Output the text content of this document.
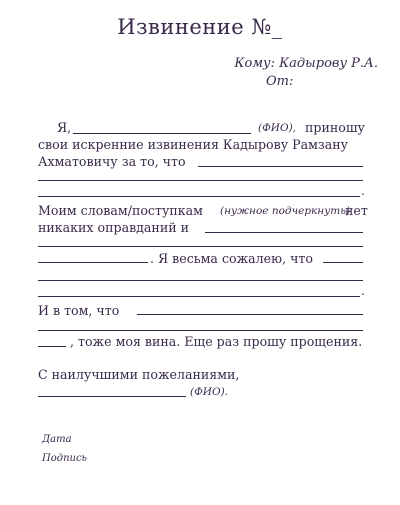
Извинение №_
Кому: Кадырову Р.А.
От:
Я,	(ФИО), приношу
свои искренние извинения Кадырову Рамзану
Ахматовичу за то, что
.
Моим словам/поступкам (нужное подчеркнуть)
нет
никаких оправданий и
. Я весьма сожалею, что
.
И в том, что
, тоже моя вина. Еще раз прошу прощения.
С наилучшими пожеланиями,
(ФИО).
Дата
Подпись
